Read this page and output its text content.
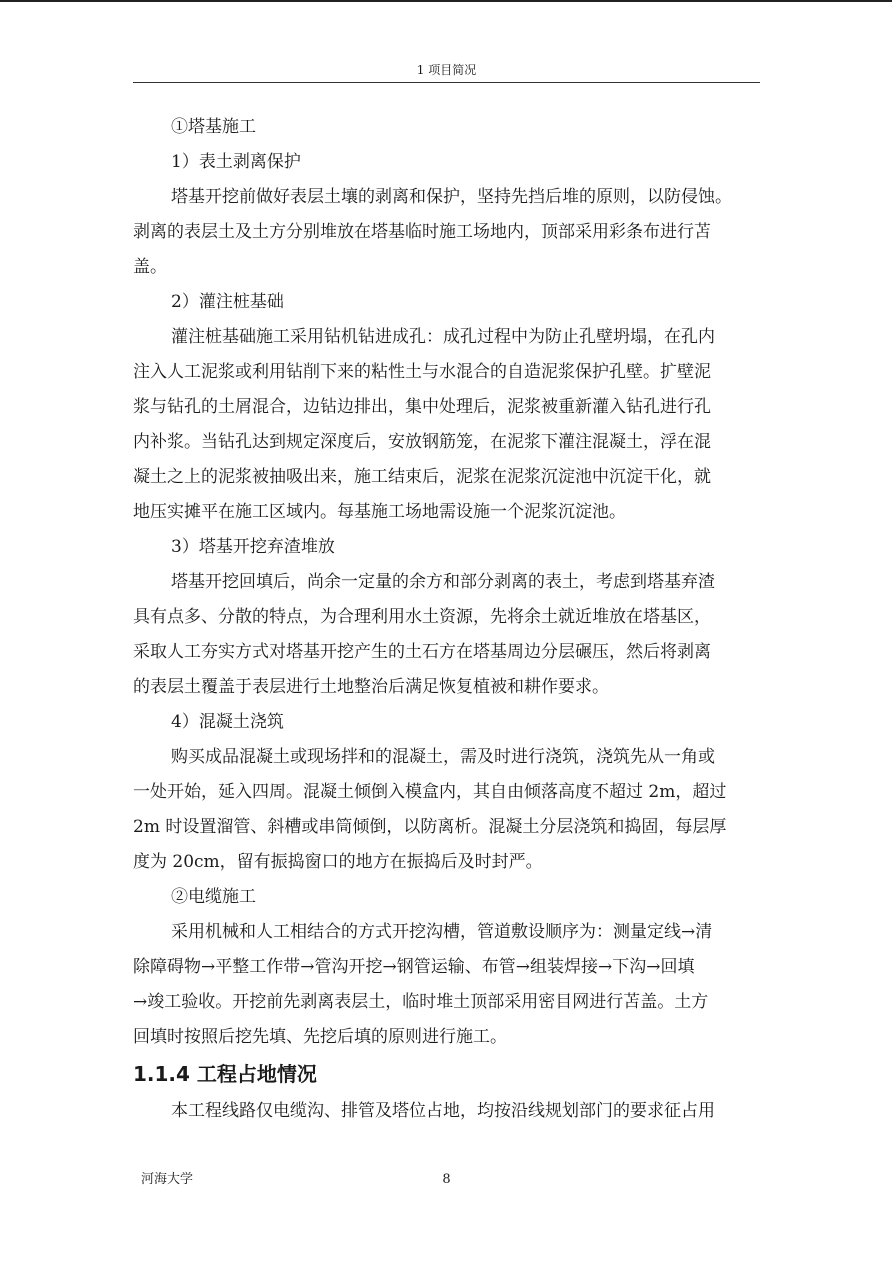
1 项目简况
①塔基施工
1）表土剥离保护
塔基开挖前做好表层土壤的剥离和保护，坚持先挡后堆的原则，以防侵蚀。
剥离的表层土及土方分别堆放在塔基临时施工场地内，顶部采用彩条布进行苫
盖。
2）灌注桩基础
灌注桩基础施工采用钻机钻进成孔：成孔过程中为防止孔壁坍塌，在孔内
注入人工泥浆或利用钻削下来的粘性土与水混合的自造泥浆保护孔壁。扩壁泥
浆与钻孔的土屑混合，边钻边排出，集中处理后，泥浆被重新灌入钻孔进行孔
内补浆。当钻孔达到规定深度后，安放钢筋笼，在泥浆下灌注混凝土，浮在混
凝土之上的泥浆被抽吸出来，施工结束后，泥浆在泥浆沉淀池中沉淀干化，就
地压实摊平在施工区域内。每基施工场地需设施一个泥浆沉淀池。
3）塔基开挖弃渣堆放
塔基开挖回填后，尚余一定量的余方和部分剥离的表土，考虑到塔基弃渣
具有点多、分散的特点，为合理利用水土资源，先将余土就近堆放在塔基区，
采取人工夯实方式对塔基开挖产生的土石方在塔基周边分层碾压，然后将剥离
的表层土覆盖于表层进行土地整治后满足恢复植被和耕作要求。
4）混凝土浇筑
购买成品混凝土或现场拌和的混凝土，需及时进行浇筑，浇筑先从一角或
一处开始，延入四周。混凝土倾倒入模盒内，其自由倾落高度不超过 2m，超过
2m 时设置溜管、斜槽或串筒倾倒，以防离析。混凝土分层浇筑和捣固，每层厚
度为 20cm，留有振捣窗口的地方在振捣后及时封严。
②电缆施工
采用机械和人工相结合的方式开挖沟槽，管道敷设顺序为：测量定线→清
除障碍物→平整工作带→管沟开挖→钢管运输、布管→组装焊接→下沟→回填
→竣工验收。开挖前先剥离表层土，临时堆土顶部采用密目网进行苫盖。土方
回填时按照后挖先填、先挖后填的原则进行施工。
1.1.4 工程占地情况
本工程线路仅电缆沟、排管及塔位占地，均按沿线规划部门的要求征占用
河海大学	8
